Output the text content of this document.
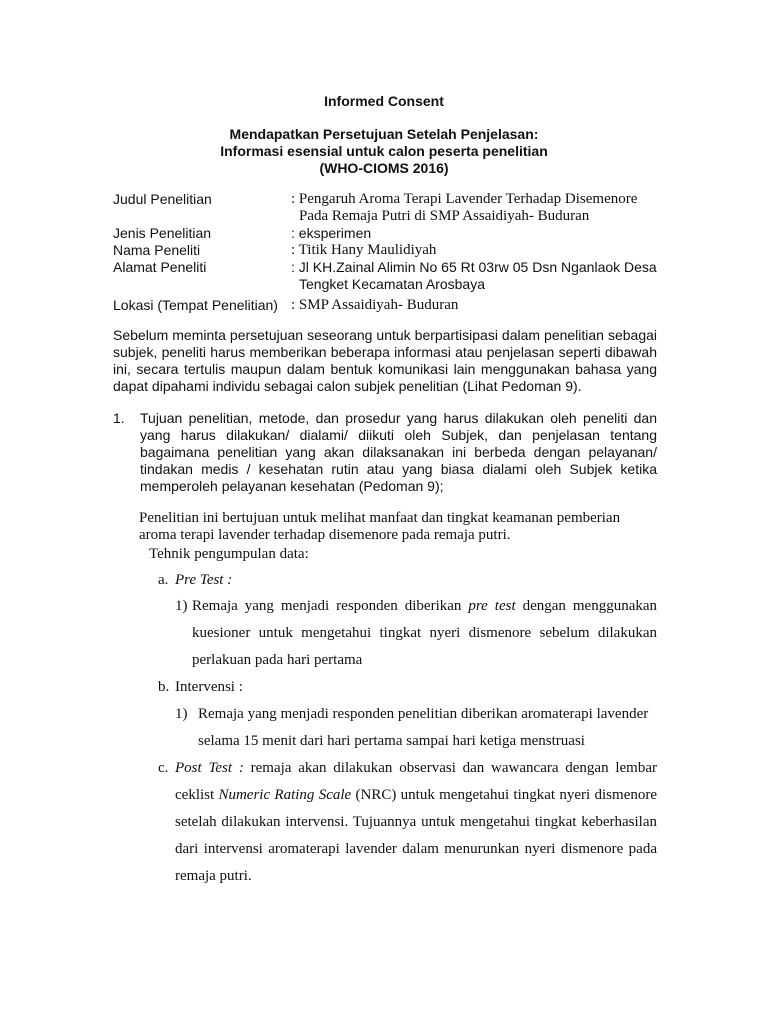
Informed Consent
Mendapatkan Persetujuan Setelah Penjelasan:
Informasi esensial untuk calon peserta penelitian
(WHO-CIOMS 2016)
Judul Penelitian	: Pengaruh Aroma Terapi Lavender Terhadap Disemenore
Pada Remaja Putri di SMP Assaidiyah- Buduran
Jenis Penelitian	: eksperimen
Nama Peneliti	: Titik Hany Maulidiyah
Alamat Peneliti	: Jl KH.Zainal Alimin No 65 Rt 03rw 05 Dsn Nganlaok Desa
Tengket Kecamatan Arosbaya
Lokasi (Tempat Penelitian) : SMP Assaidiyah- Buduran
Sebelum meminta persetujuan seseorang untuk berpartisipasi dalam penelitian sebagai subjek, peneliti harus memberikan beberapa informasi atau penjelasan seperti dibawah ini, secara tertulis maupun dalam bentuk komunikasi lain menggunakan bahasa yang dapat dipahami individu sebagai calon subjek penelitian (Lihat Pedoman 9).
1.	Tujuan penelitian, metode, dan prosedur yang harus dilakukan oleh peneliti dan yang harus dilakukan/ dialami/ diikuti oleh Subjek, dan penjelasan tentang bagaimana penelitian yang akan dilaksanakan ini berbeda dengan pelayanan/ tindakan medis / kesehatan rutin atau yang biasa dialami oleh Subjek ketika memperoleh pelayanan kesehatan (Pedoman 9);
Penelitian ini bertujuan untuk melihat manfaat dan tingkat keamanan pemberian aroma terapi lavender terhadap disemenore pada remaja putri.
Tehnik pengumpulan data:
a. Pre Test :
1) Remaja yang menjadi responden diberikan pre test dengan menggunakan
kuesioner untuk mengetahui tingkat nyeri dismenore sebelum dilakukan
perlakuan pada hari pertama
b. Intervensi :
1) Remaja yang menjadi responden penelitian diberikan aromaterapi lavender
selama 15 menit dari hari pertama sampai hari ketiga menstruasi
c. Post Test : remaja akan dilakukan observasi dan wawancara dengan lembar
ceklist Numeric Rating Scale (NRC) untuk mengetahui tingkat nyeri dismenore
setelah dilakukan intervensi. Tujuannya untuk mengetahui tingkat keberhasilan
dari intervensi aromaterapi lavender dalam menurunkan nyeri dismenore pada
remaja putri.
